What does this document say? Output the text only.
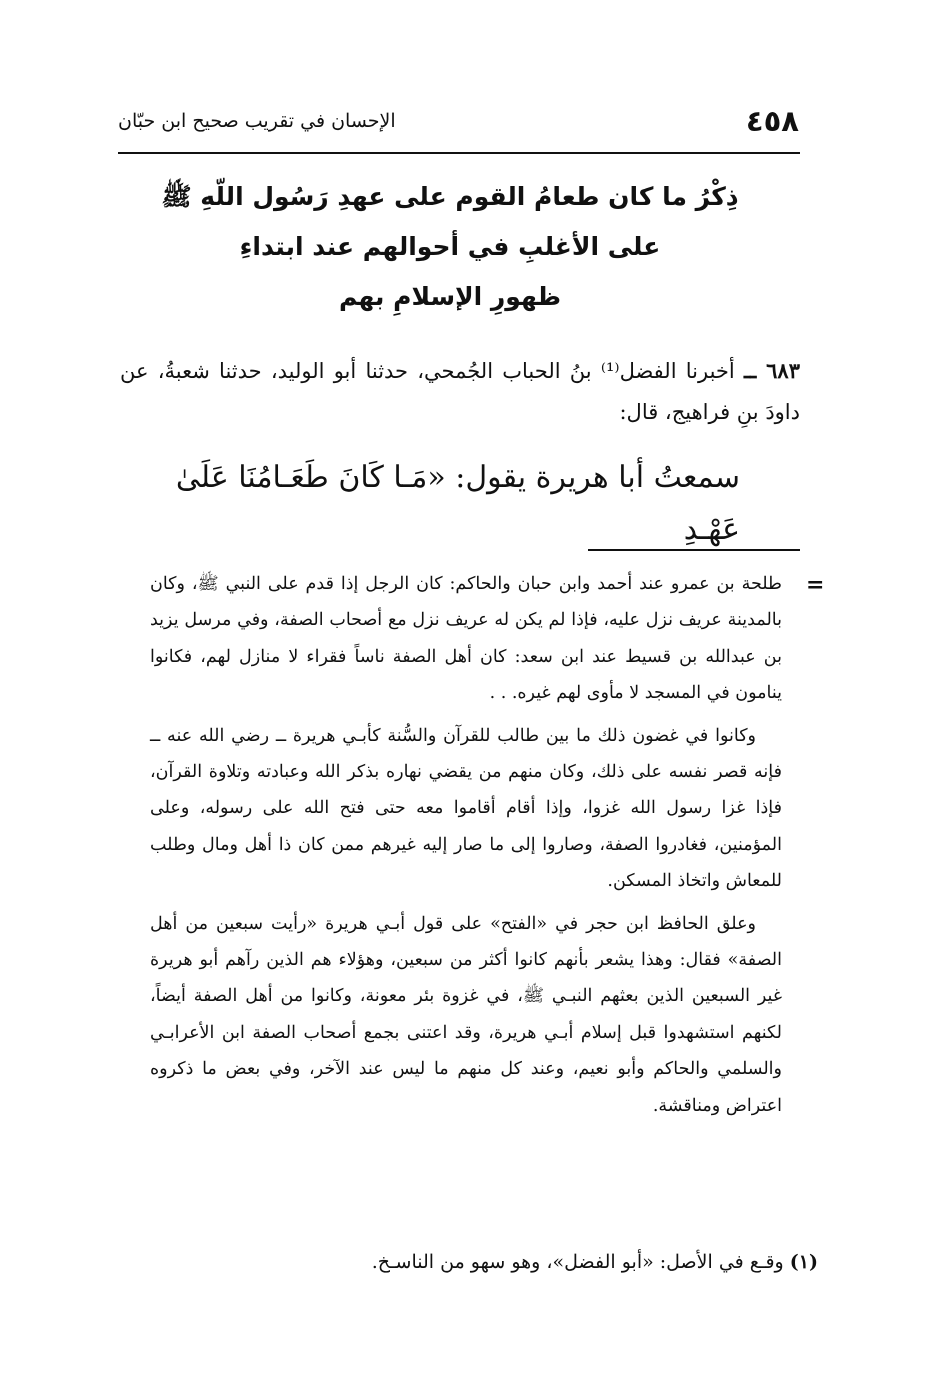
٤٥٨
الإحسان في تقريب صحيح ابن حبّان
ذِكْرُ ما كان طعامُ القوم على عهدِ رَسُول اللّهِ ﷺ
على الأغلبِ في أحوالهم عند ابتداءِ
ظهورِ الإسلامِ بهم

٦٨٣ ــ أخبرنا الفضل⁽¹⁾ بنُ الحباب الجُمحي، حدثنا أبو الوليد، حدثنا شعبةُ، عن داودَ بنِ فراهيج، قال:

سمعتُ أبا هريرة يقول: «مَـا كَانَ طَعَـامُنَا عَلَىٰ عَهْـدِ
=

طلحة بن عمرو عند أحمد وابن حبان والحاكم: كان الرجل إذا قدم على النبي ﷺ، وكان بالمدينة عريف نزل عليه، فإذا لم يكن له عريف نزل مع أصحاب الصفة، وفي مرسل يزيد بن عبدالله بن قسيط عند ابن سعد: كان أهل الصفة ناساً فقراء لا منازل لهم، فكانوا ينامون في المسجد لا مأوى لهم غيره. . .

وكانوا في غضون ذلك ما بين طالب للقرآن والسُّنة كأبـي هريرة ــ رضي الله عنه ــ فإنه قصر نفسه على ذلك، وكان منهم من يقضي نهاره بذكر الله وعبادته وتلاوة القرآن، فإذا غزا رسول الله غزوا، وإذا أقام أقاموا معه حتى فتح الله على رسوله، وعلى المؤمنين، فغادروا الصفة، وصاروا إلى ما صار إليه غيرهم ممن كان ذا أهل ومال وطلب للمعاش واتخاذ المسكن.

وعلق الحافظ ابن حجر في «الفتح» على قول أبـي هريرة «رأيت سبعين من أهل الصفة» فقال: وهذا يشعر بأنهم كانوا أكثر من سبعين، وهؤلاء هم الذين رآهم أبو هريرة غير السبعين الذين بعثهم النبـي ﷺ، في غزوة بئر معونة، وكانوا من أهل الصفة أيضاً، لكنهم استشهدوا قبل إسلام أبـي هريرة، وقد اعتنى بجمع أصحاب الصفة ابن الأعرابـي والسلمي والحاكم وأبو نعيم، وعند كل منهم ما ليس عند الآخر، وفي بعض ما ذكروه اعتراض ومناقشة.

(١) وقـع في الأصل: «أبو الفضل»، وهو سهو من الناسـخ.
